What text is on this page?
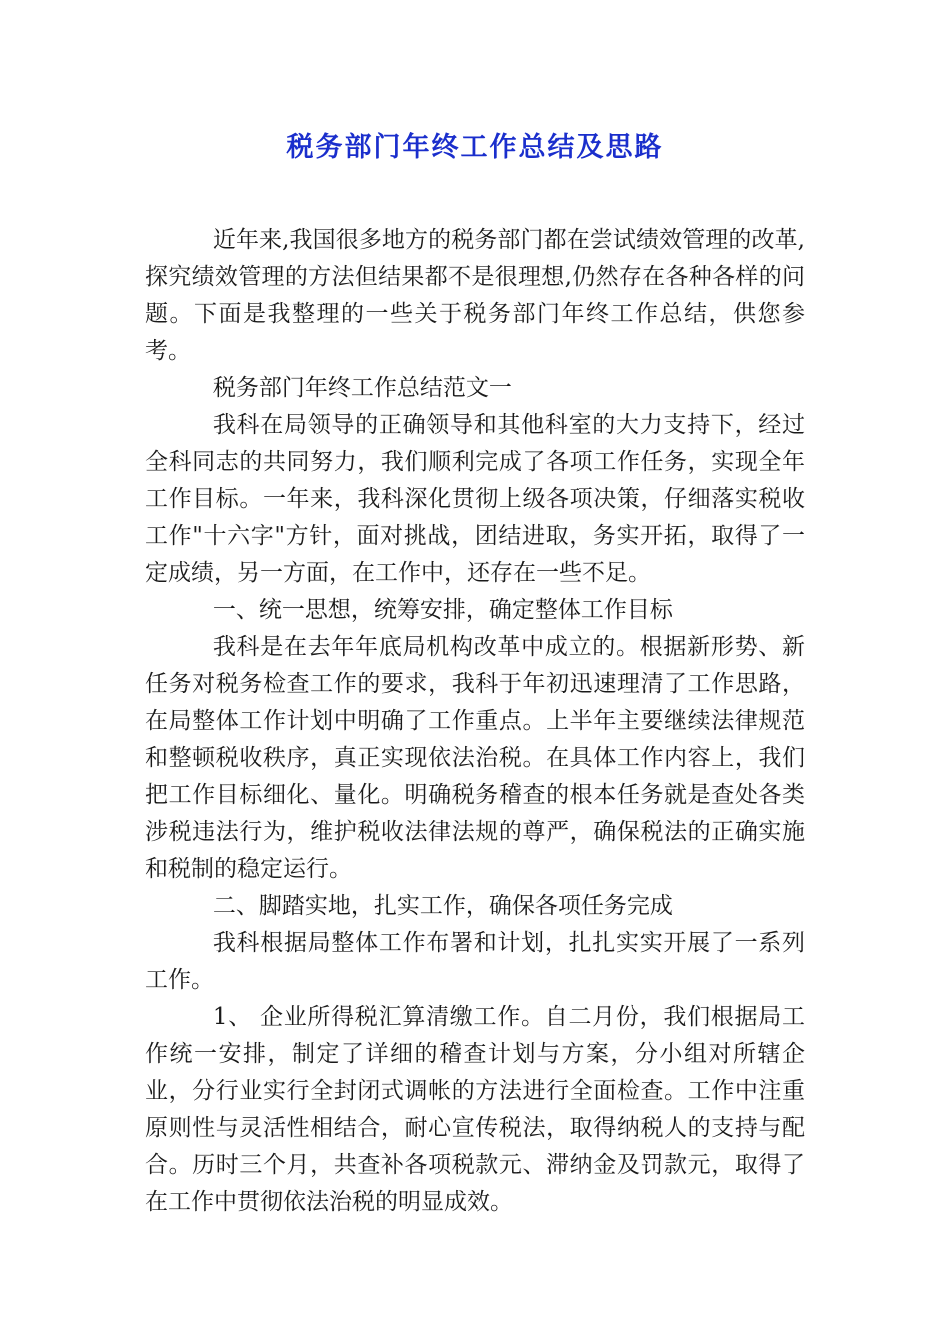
税务部门年终工作总结及思路

近年来,我国很多地方的税务部门都在尝试绩效管理的改革,探究绩效管理的方法但结果都不是很理想,仍然存在各种各样的问题。下面是我整理的一些关于税务部门年终工作总结，供您参考。

税务部门年终工作总结范文一

我科在局领导的正确领导和其他科室的大力支持下，经过全科同志的共同努力，我们顺利完成了各项工作任务，实现全年工作目标。一年来，我科深化贯彻上级各项决策，仔细落实税收工作"十六字"方针，面对挑战，团结进取，务实开拓，取得了一定成绩，另一方面，在工作中，还存在一些不足。

一、统一思想，统筹安排，确定整体工作目标

我科是在去年年底局机构改革中成立的。根据新形势、新任务对税务检查工作的要求，我科于年初迅速理清了工作思路，在局整体工作计划中明确了工作重点。上半年主要继续法律规范和整顿税收秩序，真正实现依法治税。在具体工作内容上，我们把工作目标细化、量化。明确税务稽查的根本任务就是查处各类涉税违法行为，维护税收法律法规的尊严，确保税法的正确实施和税制的稳定运行。

二、脚踏实地，扎实工作，确保各项任务完成

我科根据局整体工作布署和计划，扎扎实实开展了一系列工作。

1、 企业所得税汇算清缴工作。自二月份，我们根据局工作统一安排，制定了详细的稽查计划与方案，分小组对所辖企业，分行业实行全封闭式调帐的方法进行全面检查。工作中注重原则性与灵活性相结合，耐心宣传税法，取得纳税人的支持与配合。历时三个月，共查补各项税款元、滞纳金及罚款元，取得了在工作中贯彻依法治税的明显成效。
